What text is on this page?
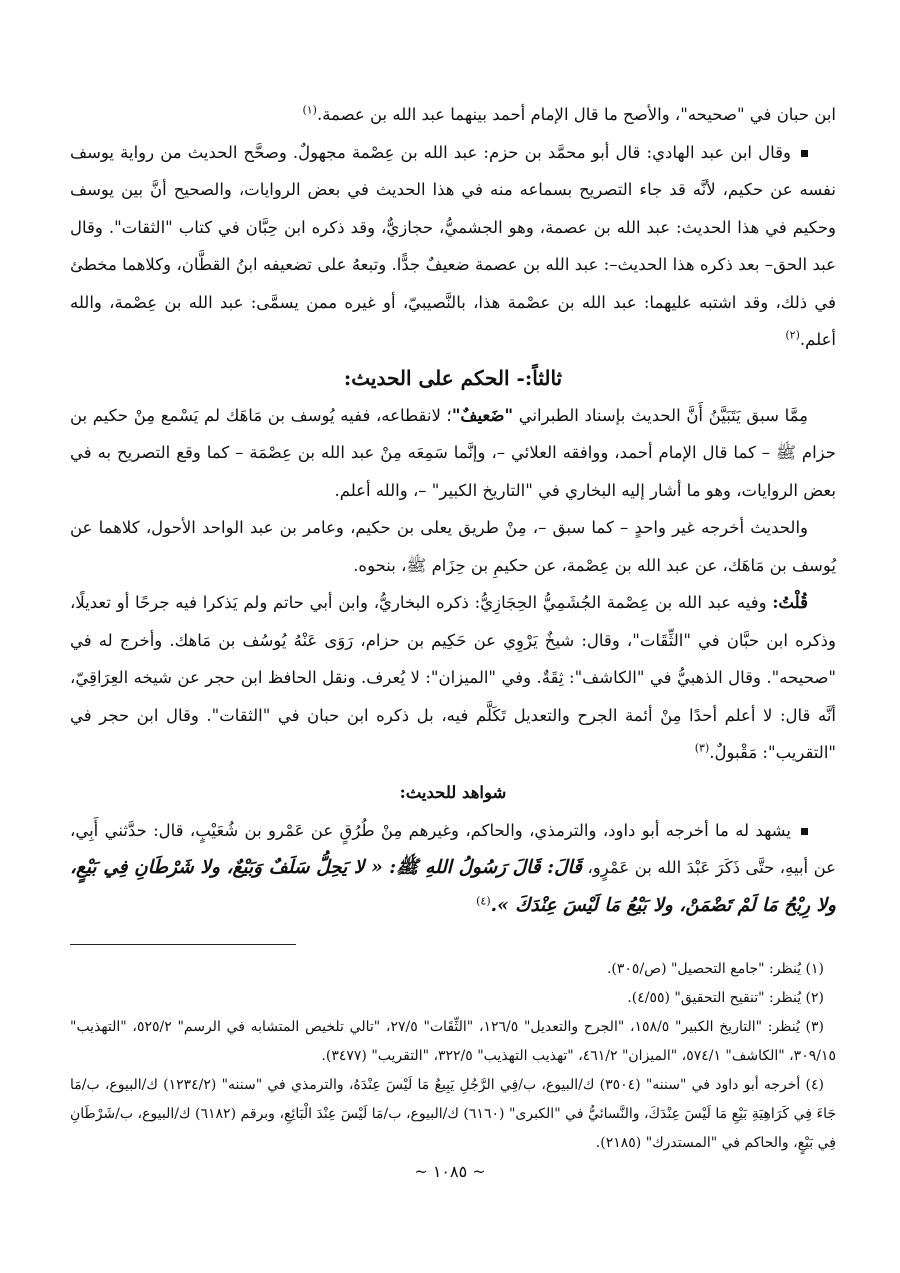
ابن حبان في "صحيحه"، والأصح ما قال الإمام أحمد بينهما عبد الله بن عصمة.$^{(١)}$

وقال ابن عبد الهادي: قال أبو محمَّد بن حزم: عبد الله بن عِصْمة مجهولٌ. وصحَّح الحديث من رواية يوسف نفسه عن حكيم، لأنَّه قد جاء التصريح بسماعه منه في هذا الحديث في بعض الروايات، والصحيح أنَّ بين يوسف وحكيم في هذا الحديث: عبد الله بن عصمة، وهو الجشميُّ، حجازيٌّ، وقد ذكره ابن حِبَّان في كتاب "الثقات". وقال عبد الحق– بعد ذكره هذا الحديث–: عبد الله بن عصمة ضعيفٌ جدًّا. وتبعهُ على تضعيفه ابنُ القطَّان، وكلاهما مخطئ في ذلك، وقد اشتبه عليهما: عبد الله بن عصْمة هذا، بالنَّصيبيّ، أو غيره ممن يسمَّى: عبد الله بن عِصْمة، والله أعلم.$^{(٢)}$

ثالثاً:- الحكم على الحديث:

مِمَّا سبق يَتَبَيَّنُ أَنَّ الحديث بإسناد الطبراني "ضَعيفٌ"؛ لانقطاعه، ففيه يُوسف بن مَاهَك لم يَسْمع مِنْ حكيم بن حزام ﷺ – كما قال الإمام أحمد، ووافقه العلائي –، وإنَّما سَمِعَه مِنْ عبد الله بن عِصْمَة – كما وقع التصريح به في بعض الروايات، وهو ما أشار إليه البخاري في "التاريخ الكبير" –، والله أعلم.

والحديث أخرجه غير واحدٍ – كما سبق –، مِنْ طريق يعلى بن حكيم، وعامر بن عبد الواحد الأحول، كلاهما عن يُوسف بن مَاهَك، عن عبد الله بن عِصْمة، عن حكيمِ بن حِزَام ﷺ، بنحوه.

قُلْتُ: وفيه عبد الله بن عِصْمة الجُشَمِيُّ الحِجَازِيُّ: ذكره البخاريُّ، وابن أبي حاتم ولم يَذكرا فيه جرحًا أو تعديلًا، وذكره ابن حبَّان في "الثِّقَات"، وقال: شيخٌ يَرْوِي عن حَكِيم بن حزام، رَوَى عَنْهُ يُوسُف بن مَاهك. وأخرج له في "صحيحه". وقال الذهبيُّ في "الكاشف": ثِقَةٌ. وفي "الميزان": لا يُعرف. ونقل الحافظ ابن حجر عن شيخه العِرَاقِيّ، أنَّه قال: لا أعلم أحدًا مِنْ أئمة الجرح والتعديل تَكَلَّم فيه، بل ذكره ابن حبان في "الثقات". وقال ابن حجر في "التقريب": مَقْبولٌ.$^{(٣)}$

شواهد للحديث:

يشهد له ما أخرجه أبو داود، والترمذي، والحاكم، وغيرهم مِنْ طُرُقٍ عن عَمْرو بن شُعَيْبٍ، قال: حدَّثني أَبِي، عن أبيهِ، حتَّى ذَكَرَ عَبْدَ الله بن عَمْرٍو، قَالَ: قَالَ رَسُولُ اللهِ ﷺ: « لا يَحِلُّ سَلَفٌ وَبَيْعٌ، ولا شَرْطَانِ فِي بَيْعٍ، ولا رِبْحُ مَا لَمْ تَضْمَنْ، ولا بَيْعُ مَا لَيْسَ عِنْدَكَ ».$^{(٤)}$

(١) يُنظر: "جامع التحصيل" (ص/٣٠٥).

(٢) يُنظر: "تنقيح التحقيق" (٤/٥٥).

(٣) يُنظر: "التاريخ الكبير" ١٥٨/٥، "الجرح والتعديل" ١٢٦/٥، "الثِّقَات" ٢٧/٥، "تالي تلخيص المتشابه في الرسم" ٥٢٥/٢، "التهذيب" ٣٠٩/١٥، "الكاشف" ٥٧٤/١، "الميزان" ٤٦١/٢، "تهذيب التهذيب" ٣٢٢/٥، "التقريب" (٣٤٧٧).

(٤) أخرجه أبو داود في "سننه" (٣٥٠٤) ك/البيوع، ب/فِي الرَّجُلِ يَبِيعُ مَا لَيْسَ عِنْدَهُ، والترمذي في "سننه" (١٢٣٤/٢) ك/البيوع، ب/مَا جَاءَ فِي كَرَاهِيَةِ بَيْعِ مَا لَيْسَ عِنْدَكَ، والنَّسائيُّ في "الكبرى" (٦١٦٠) ك/البيوع، ب/مَا لَيْسَ عِنْدَ الْبَائِعِ، وبرقم (٦١٨٢) ك/البيوع، ب/شَرْطَانِ فِي بَيْعٍ، والحاكم في "المستدرك" (٢١٨٥).

~ ١٠٨٥ ~
